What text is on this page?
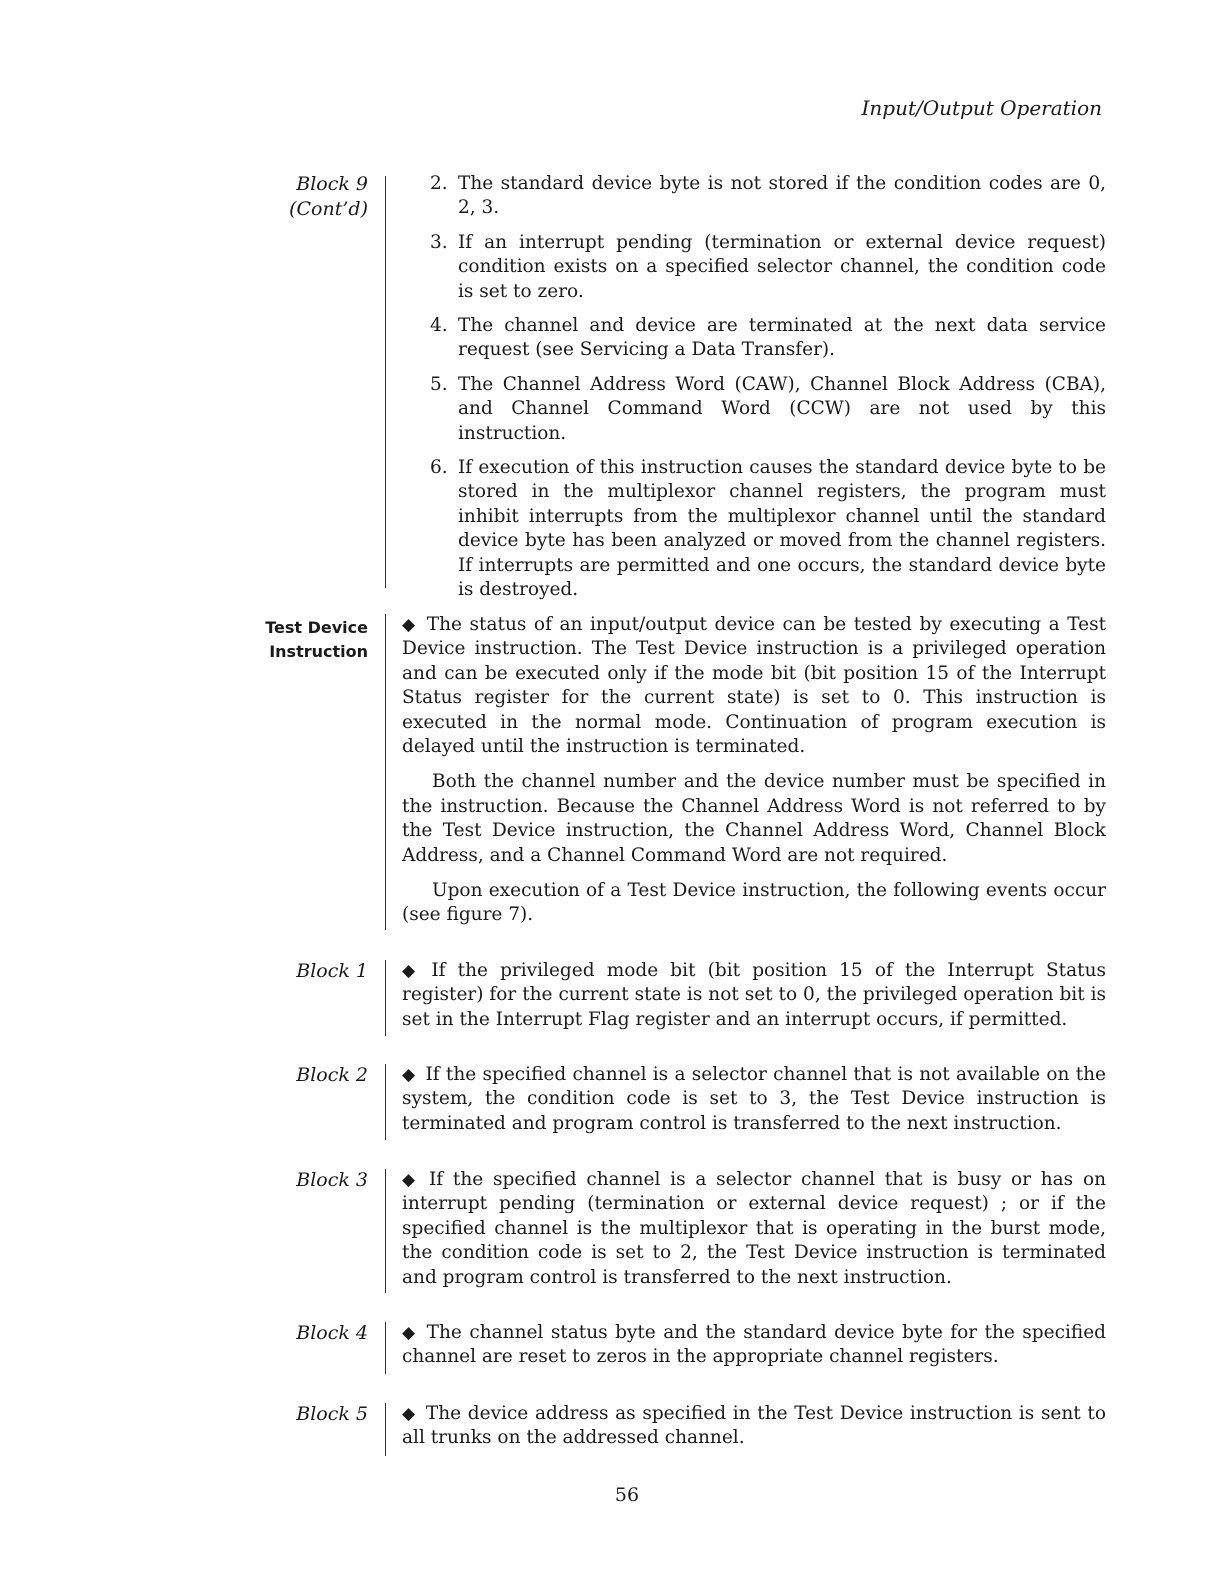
Input/Output Operation
Block 9
(Cont’d)
2. The standard device byte is not stored if the condition codes are 0, 2, 3.
3. If an interrupt pending (termination or external device request) condition exists on a specified selector channel, the condition code is set to zero.
4. The channel and device are terminated at the next data service request (see Servicing a Data Transfer).
5. The Channel Address Word (CAW), Channel Block Address (CBA), and Channel Command Word (CCW) are not used by this instruction.
6. If execution of this instruction causes the standard device byte to be stored in the multiplexor channel registers, the program must inhibit interrupts from the multiplexor channel until the standard device byte has been analyzed or moved from the channel registers. If interrupts are permitted and one occurs, the standard device byte is destroyed.
Test Device
Instruction

◆ The status of an input/output device can be tested by executing a Test Device instruction. The Test Device instruction is a privileged operation and can be executed only if the mode bit (bit position 15 of the Interrupt Status register for the current state) is set to 0. This instruction is executed in the normal mode. Continuation of program execution is delayed until the instruction is terminated.

Both the channel number and the device number must be specified in the instruction. Because the Channel Address Word is not referred to by the Test Device instruction, the Channel Address Word, Channel Block Address, and a Channel Command Word are not required.

Upon execution of a Test Device instruction, the following events occur (see figure 7).

Block 1 ◆ If the privileged mode bit (bit position 15 of the Interrupt Status register) for the current state is not set to 0, the privileged operation bit is set in the Interrupt Flag register and an interrupt occurs, if permitted.
Block 2 ◆ If the specified channel is a selector channel that is not available on the system, the condition code is set to 3, the Test Device instruction is terminated and program control is transferred to the next instruction.
Block 3 ◆ If the specified channel is a selector channel that is busy or has on interrupt pending (termination or external device request) ; or if the specified channel is the multiplexor that is operating in the burst mode, the condition code is set to 2, the Test Device instruction is terminated and program control is transferred to the next instruction.
Block 4 ◆ The channel status byte and the standard device byte for the specified channel are reset to zeros in the appropriate channel registers.
Block 5 ◆ The device address as specified in the Test Device instruction is sent to all trunks on the addressed channel.
56
